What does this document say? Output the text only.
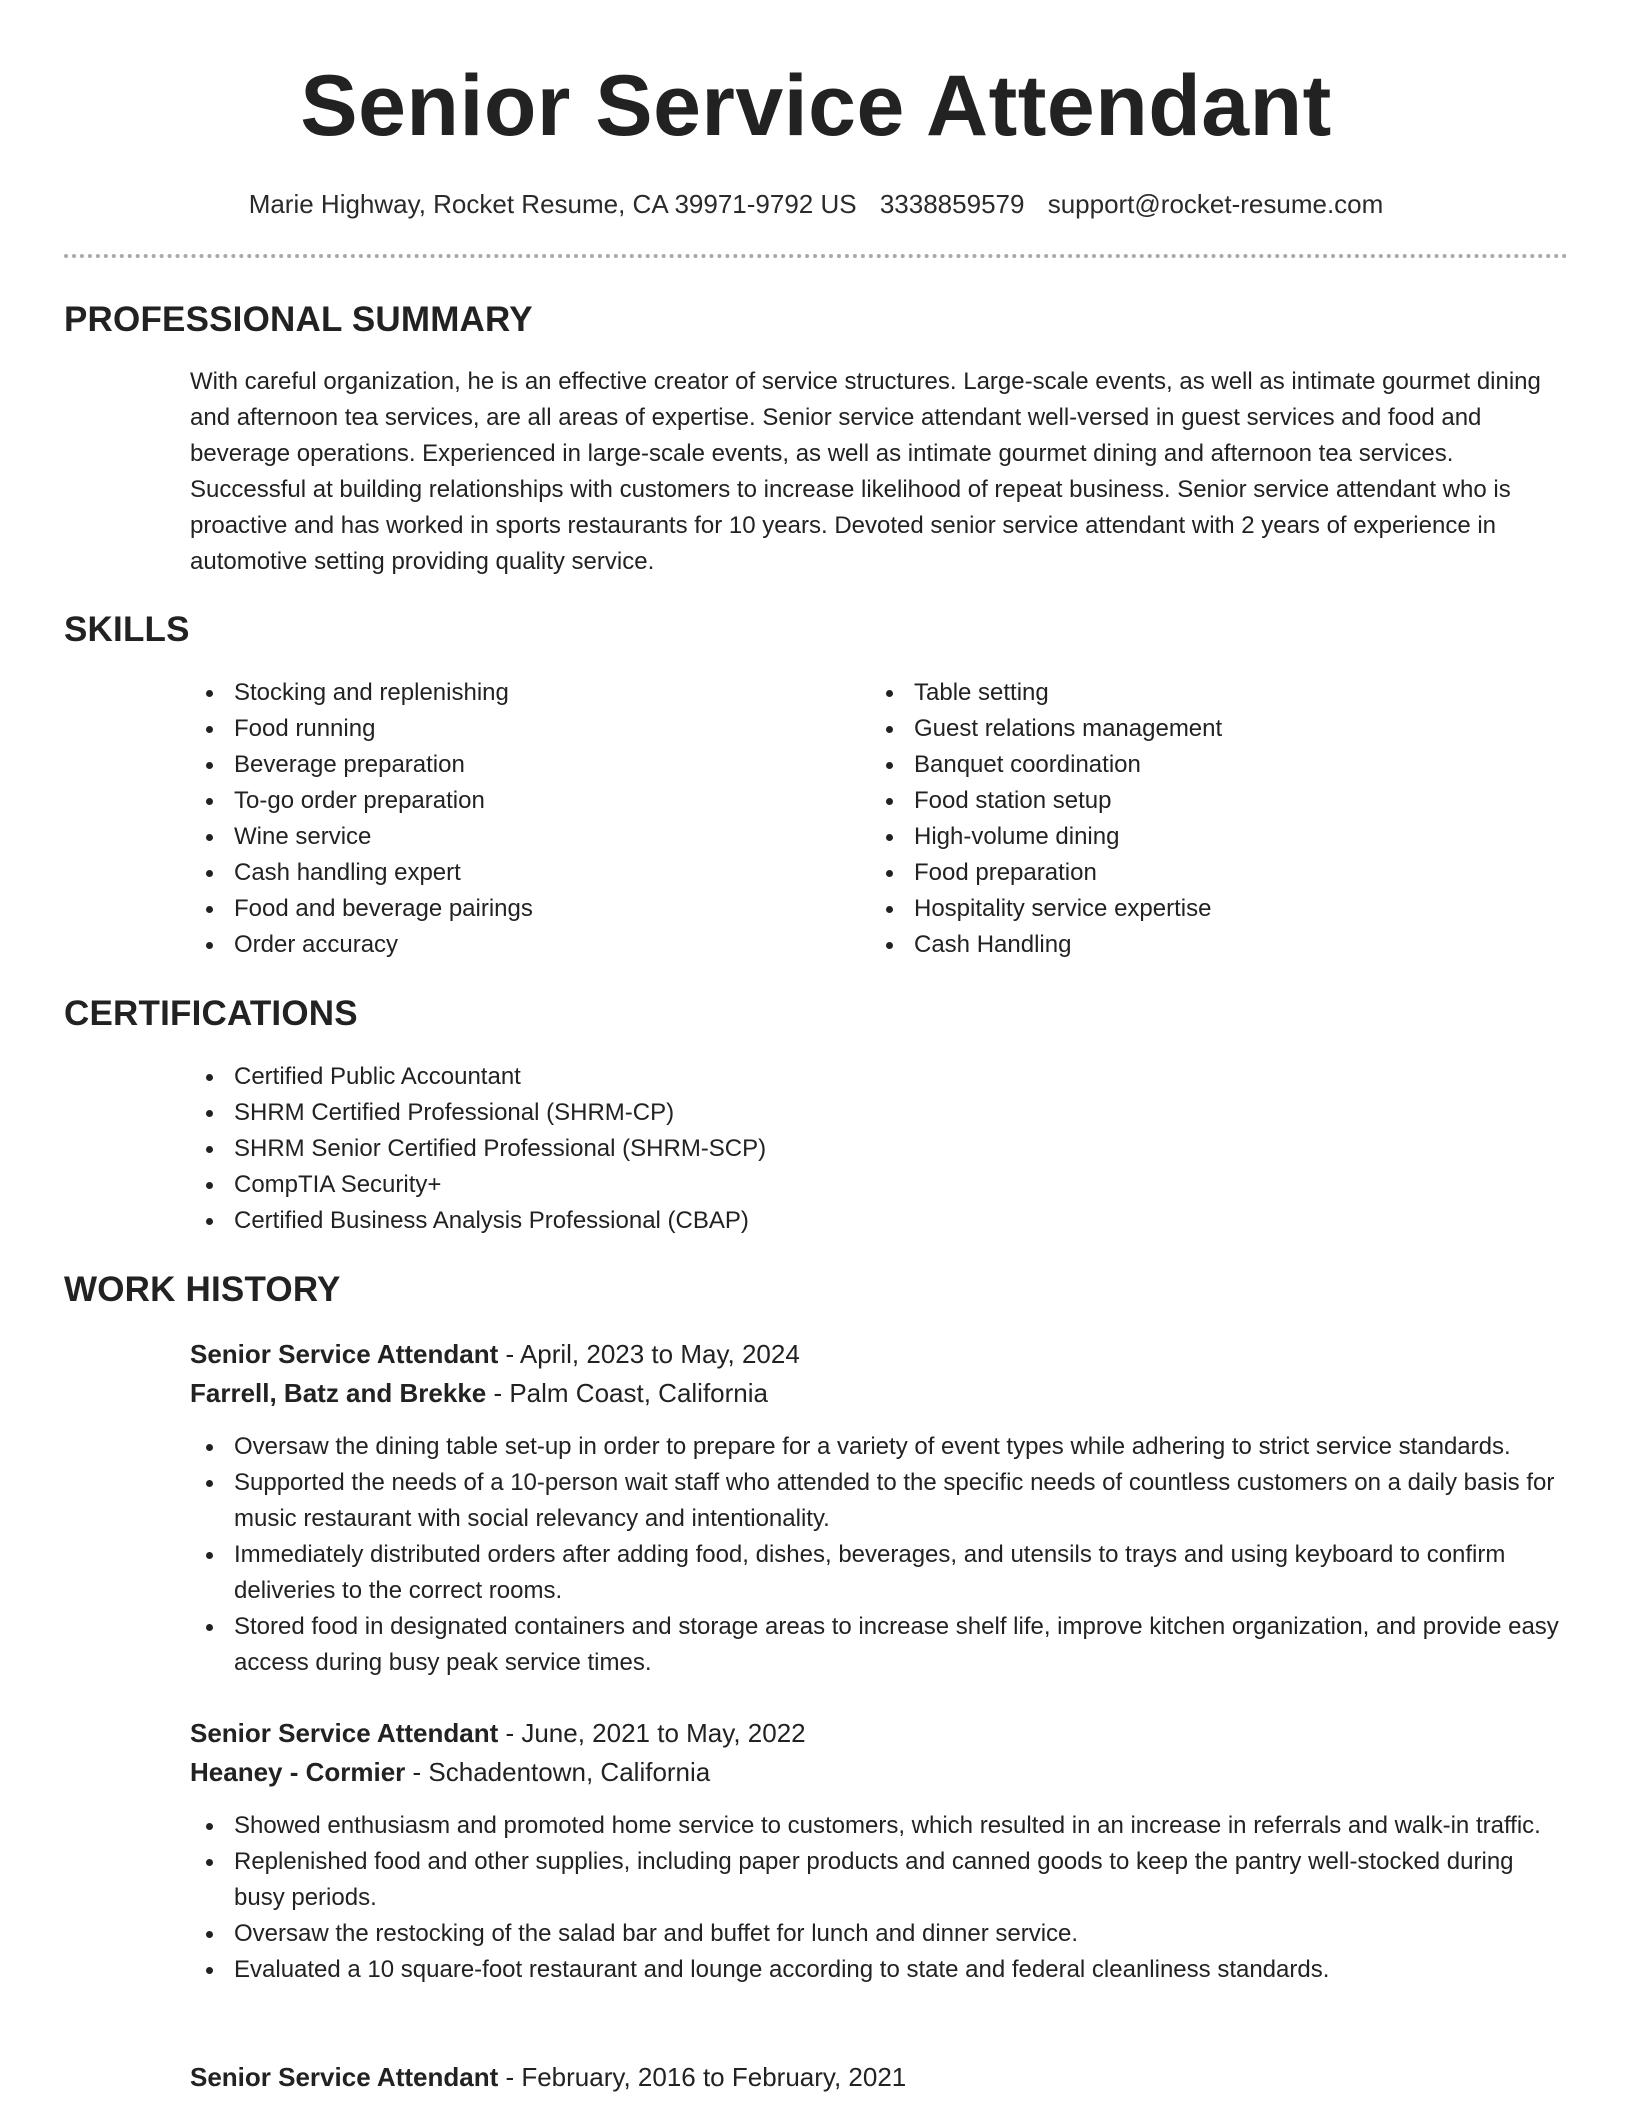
Senior Service Attendant
Marie Highway, Rocket Resume, CA 39971-9792 US 3338859579 support@rocket-resume.com
PROFESSIONAL SUMMARY

With careful organization, he is an effective creator of service structures. Large-scale events, as well as intimate gourmet dining and afternoon tea services, are all areas of expertise. Senior service attendant well-versed in guest services and food and beverage operations. Experienced in large-scale events, as well as intimate gourmet dining and afternoon tea services. Successful at building relationships with customers to increase likelihood of repeat business. Senior service attendant who is proactive and has worked in sports restaurants for 10 years. Devoted senior service attendant with 2 years of experience in automotive setting providing quality service.

SKILLS
Stocking and replenishing
Food running
Beverage preparation
To-go order preparation
Wine service
Cash handling expert
Food and beverage pairings
Order accuracy
Table setting
Guest relations management
Banquet coordination
Food station setup
High-volume dining
Food preparation
Hospitality service expertise
Cash Handling
CERTIFICATIONS
Certified Public Accountant
SHRM Certified Professional (SHRM-CP)
SHRM Senior Certified Professional (SHRM-SCP)
CompTIA Security+
Certified Business Analysis Professional (CBAP)
WORK HISTORY
Senior Service Attendant - April, 2023 to May, 2024
Farrell, Batz and Brekke - Palm Coast, California
Oversaw the dining table set-up in order to prepare for a variety of event types while adhering to strict service standards.
Supported the needs of a 10-person wait staff who attended to the specific needs of countless customers on a daily basis for music restaurant with social relevancy and intentionality.
Immediately distributed orders after adding food, dishes, beverages, and utensils to trays and using keyboard to confirm deliveries to the correct rooms.
Stored food in designated containers and storage areas to increase shelf life, improve kitchen organization, and provide easy access during busy peak service times.
Senior Service Attendant - June, 2021 to May, 2022
Heaney - Cormier - Schadentown, California
Showed enthusiasm and promoted home service to customers, which resulted in an increase in referrals and walk-in traffic.
Replenished food and other supplies, including paper products and canned goods to keep the pantry well-stocked during busy periods.
Oversaw the restocking of the salad bar and buffet for lunch and dinner service.
Evaluated a 10 square-foot restaurant and lounge according to state and federal cleanliness standards.
Senior Service Attendant - February, 2016 to February, 2021
